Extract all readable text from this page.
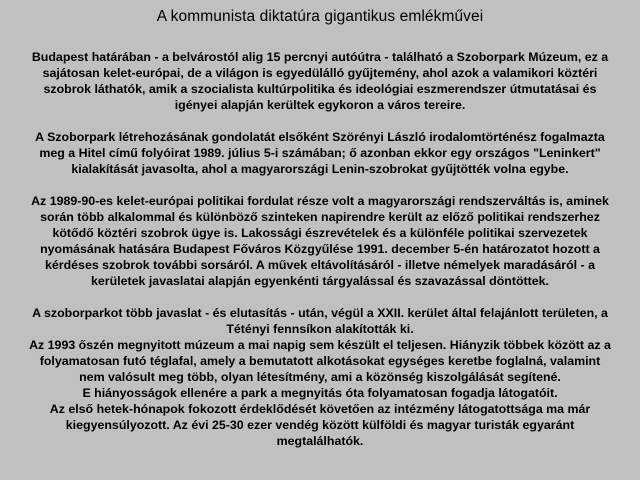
A kommunista diktatúra gigantikus emlékművei
Budapest határában - a belvárostól alig 15 percnyi autóútra - található a Szoborpark Múzeum, ez a
sajátosan kelet-európai, de a világon is egyedülálló gyűjtemény, ahol azok a valamikori köztéri
szobrok láthatók, amik a szocialista kultúrpolitika és ideológiai eszmerendszer útmutatásai és
igényei alapján kerültek egykoron a város tereire.
A Szoborpark létrehozásának gondolatát elsőként Szörényi László irodalomtörténész fogalmazta
meg a Hitel című folyóirat 1989. július 5-i számában; ő azonban ekkor egy országos "Leninkert"
kialakítását javasolta, ahol a magyarországi Lenin-szobrokat gyűjtötték volna egybe.
Az 1989-90-es kelet-európai politikai fordulat része volt a magyarországi rendszerváltás is, aminek
során több alkalommal és különböző szinteken napirendre került az előző politikai rendszerhez
kötődő köztéri szobrok ügye is. Lakossági észrevételek és a különféle politikai szervezetek
nyomásának hatására Budapest Főváros Közgyűlése 1991. december 5-én határozatot hozott a
kérdéses szobrok további sorsáról. A művek eltávolításáról - illetve némelyek maradásáról - a
kerületek javaslatai alapján egyenkénti tárgyalással és szavazással döntöttek.
A szoborparkot több javaslat - és elutasítás - után, végül a XXII. kerület által felajánlott területen, a
Tétényi fennsíkon alakították ki.
Az 1993 őszén megnyitott múzeum a mai napig sem készült el teljesen. Hiányzik többek között az a
folyamatosan futó téglafal, amely a bemutatott alkotásokat egységes keretbe foglalná, valamint
nem valósult meg több, olyan létesítmény, ami a közönség kiszolgálását segítené.
E hiányosságok ellenére a park a megnyitás óta folyamatosan fogadja látogatóit.
Az első hetek-hónapok fokozott érdeklődését követően az intézmény látogatottsága ma már
kiegyensúlyozott. Az évi 25-30 ezer vendég között külföldi és magyar turisták egyaránt
megtalálhatók.
